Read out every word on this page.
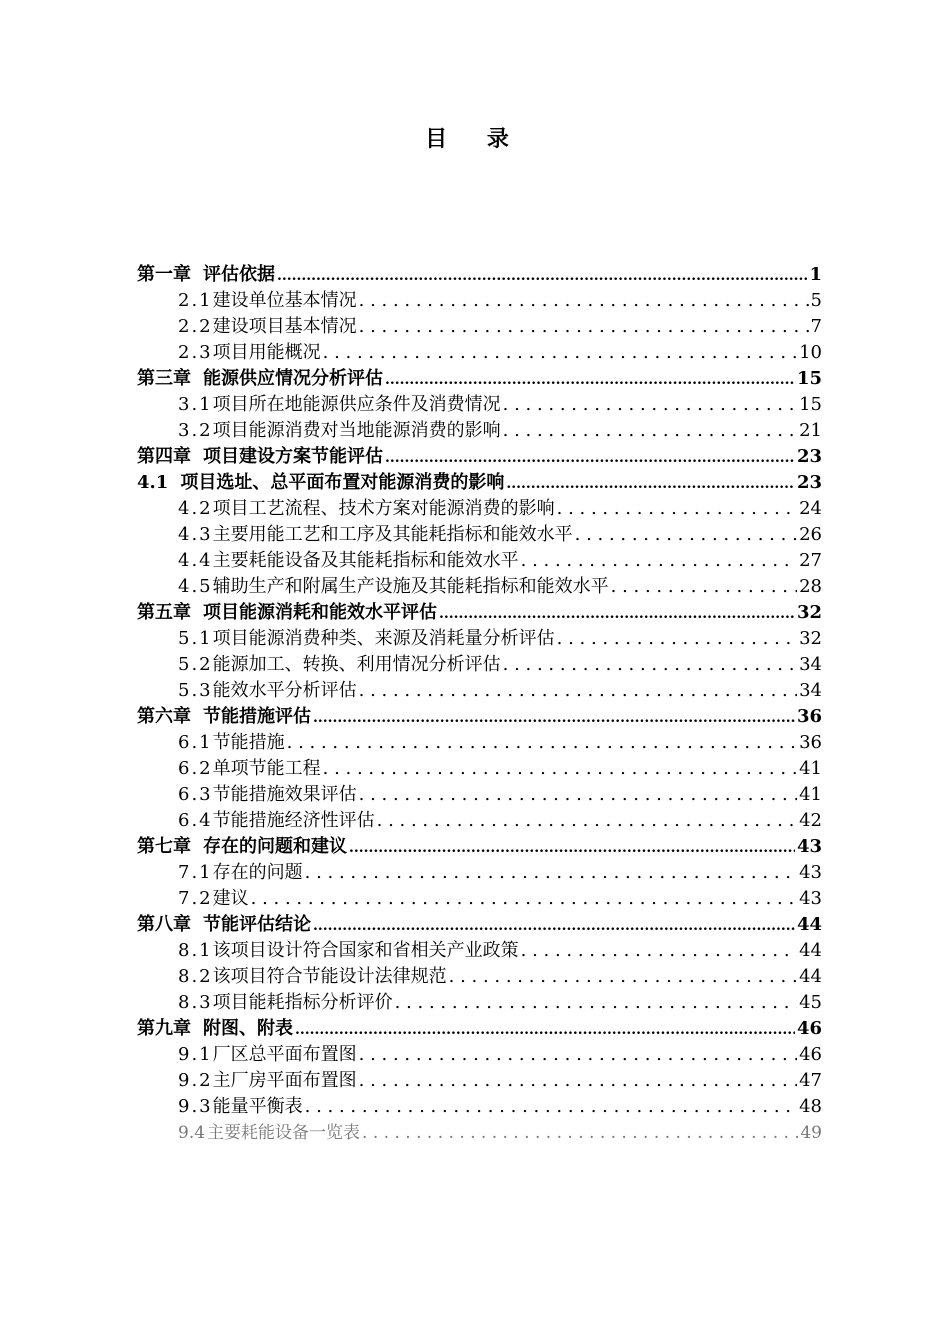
目 录
第一章 评估依据 .....	1
2.1 建设单位基本情况 . . .	5
2.2 建设项目基本情况 . . .	7
2.3 项目用能概况 . . .	10
第三章 能源供应情况分析评估 .....	15
3.1 项目所在地能源供应条件及消费情况 . . .	15
3.2 项目能源消费对当地能源消费的影响 . . .	21
第四章 项目建设方案节能评估 .....	23
4.1 项目选址、总平面布置对能源消费的影响 .....	23
4.2 项目工艺流程、技术方案对能源消费的影响 . . .	24
4.3 主要用能工艺和工序及其能耗指标和能效水平 . . .	26
4.4 主要耗能设备及其能耗指标和能效水平 . . .	27
4.5 辅助生产和附属生产设施及其能耗指标和能效水平 . . .	28
第五章 项目能源消耗和能效水平评估 .....	32
5.1 项目能源消费种类、来源及消耗量分析评估 . . .	32
5.2 能源加工、转换、利用情况分析评估 . . .	34
5.3 能效水平分析评估 . . .	34
第六章 节能措施评估 .....	36
6.1 节能措施 . . .	36
6.2 单项节能工程 . . .	41
6.3 节能措施效果评估 . . .	41
6.4 节能措施经济性评估 . . .	42
第七章 存在的问题和建议 .....	43
7.1 存在的问题 . . .	43
7.2 建议 . . .	43
第八章 节能评估结论 .....	44
8.1 该项目设计符合国家和省相关产业政策 . . .	44
8.2 该项目符合节能设计法律规范 . . .	44
8.3 项目能耗指标分析评价 . . .	45
第九章 附图、附表 .....	46
9.1 厂区总平面布置图 . . .	46
9.2 主厂房平面布置图 . . .	47
9.3 能量平衡表 . . .	48
9.4 主要耗能设备一览表 . . .	49
